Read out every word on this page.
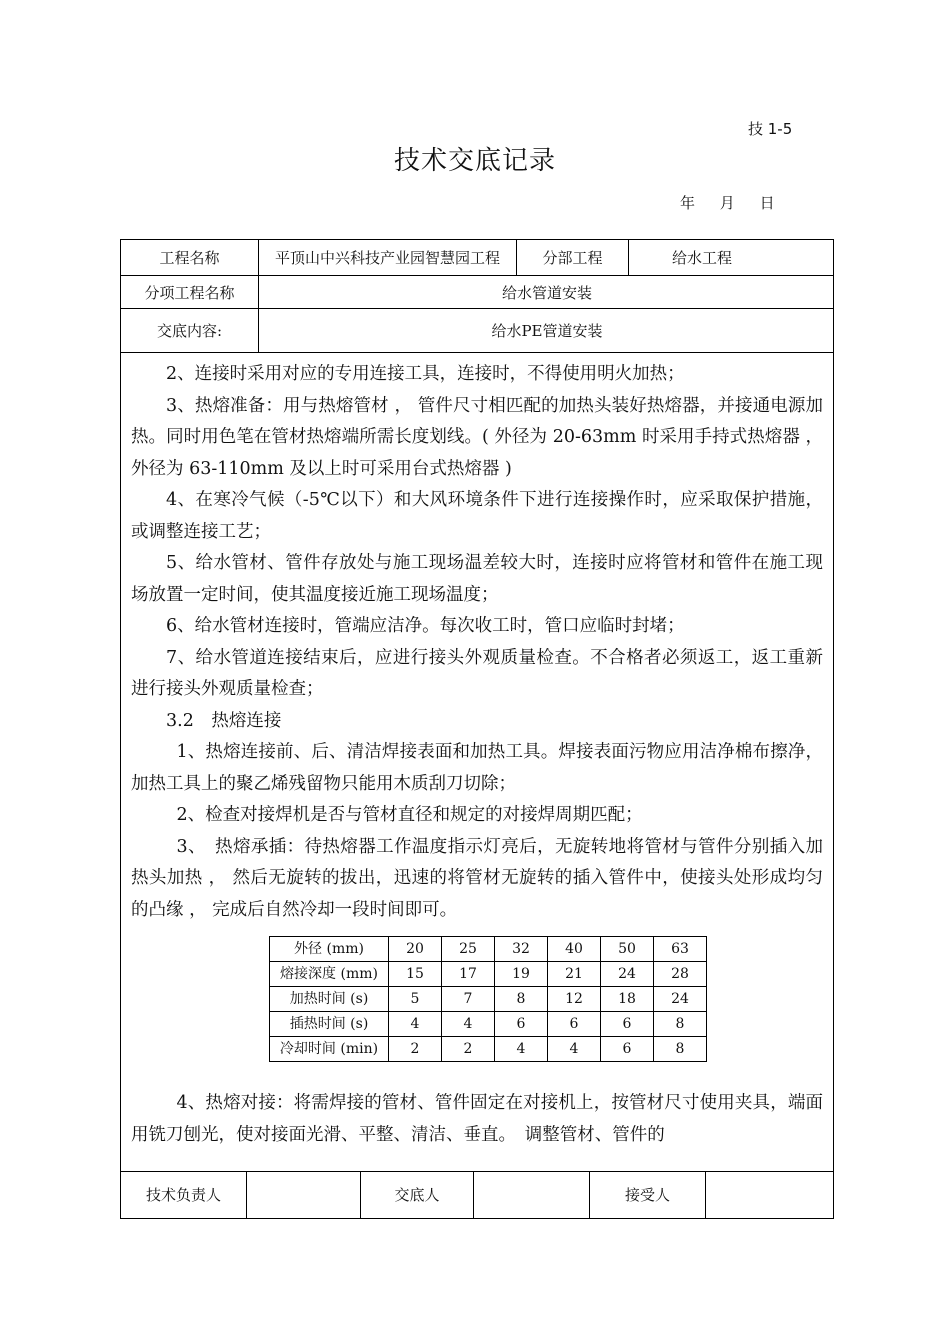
技 1-5
技术交底记录
年 月 日
工程名称	平顶山中兴科技产业园智慧园工程	分部工程	给水工程
分项工程名称	给水管道安装
交底内容:	给水PE管道安装

2、连接时采用对应的专用连接工具，连接时，不得使用明火加热；

3、热熔准备：用与热熔管材 ， 管件尺寸相匹配的加热头装好热熔器，并接通电源加热。同时用色笔在管材热熔端所需长度划线。( 外径为 20-63mm 时采用手持式热熔器 ， 外径为 63-110mm 及以上时可采用台式热熔器 )

4、在寒冷气候（-5℃以下）和大风环境条件下进行连接操作时，应采取保护措施，或调整连接工艺；

5、给水管材、管件存放处与施工现场温差较大时，连接时应将管材和管件在施工现场放置一定时间，使其温度接近施工现场温度；

6、给水管材连接时，管端应洁净。每次收工时，管口应临时封堵；

7、给水管道连接结束后，应进行接头外观质量检查。不合格者必须返工，返工重新进行接头外观质量检查；

3.2　热熔连接

1、热熔连接前、后、清洁焊接表面和加热工具。焊接表面污物应用洁净棉布擦净，加热工具上的聚乙烯残留物只能用木质刮刀切除；

2、检查对接焊机是否与管材直径和规定的对接焊周期匹配；

3、　热熔承插：待热熔器工作温度指示灯亮后，无旋转地将管材与管件分别插入加热头加热 ， 然后无旋转的拔出，迅速的将管材无旋转的插入管件中，使接头处形成均匀的凸缘 ， 完成后自然冷却一段时间即可。

外径 (mm)	20	25	32	40	50	63
熔接深度 (mm)	15	17	19	21	24	28
加热时间 (s)	5	7	8	12	18	24
插热时间 (s)	4	4	6	6	6	8
冷却时间 (min)	2	2	4	4	6	8

4、热熔对接：将需焊接的管材、管件固定在对接机上，按管材尺寸使用夹具，端面用铣刀刨光，使对接面光滑、平整、清洁、垂直。　调整管材、管件的

技术负责人	交底人	接受人
